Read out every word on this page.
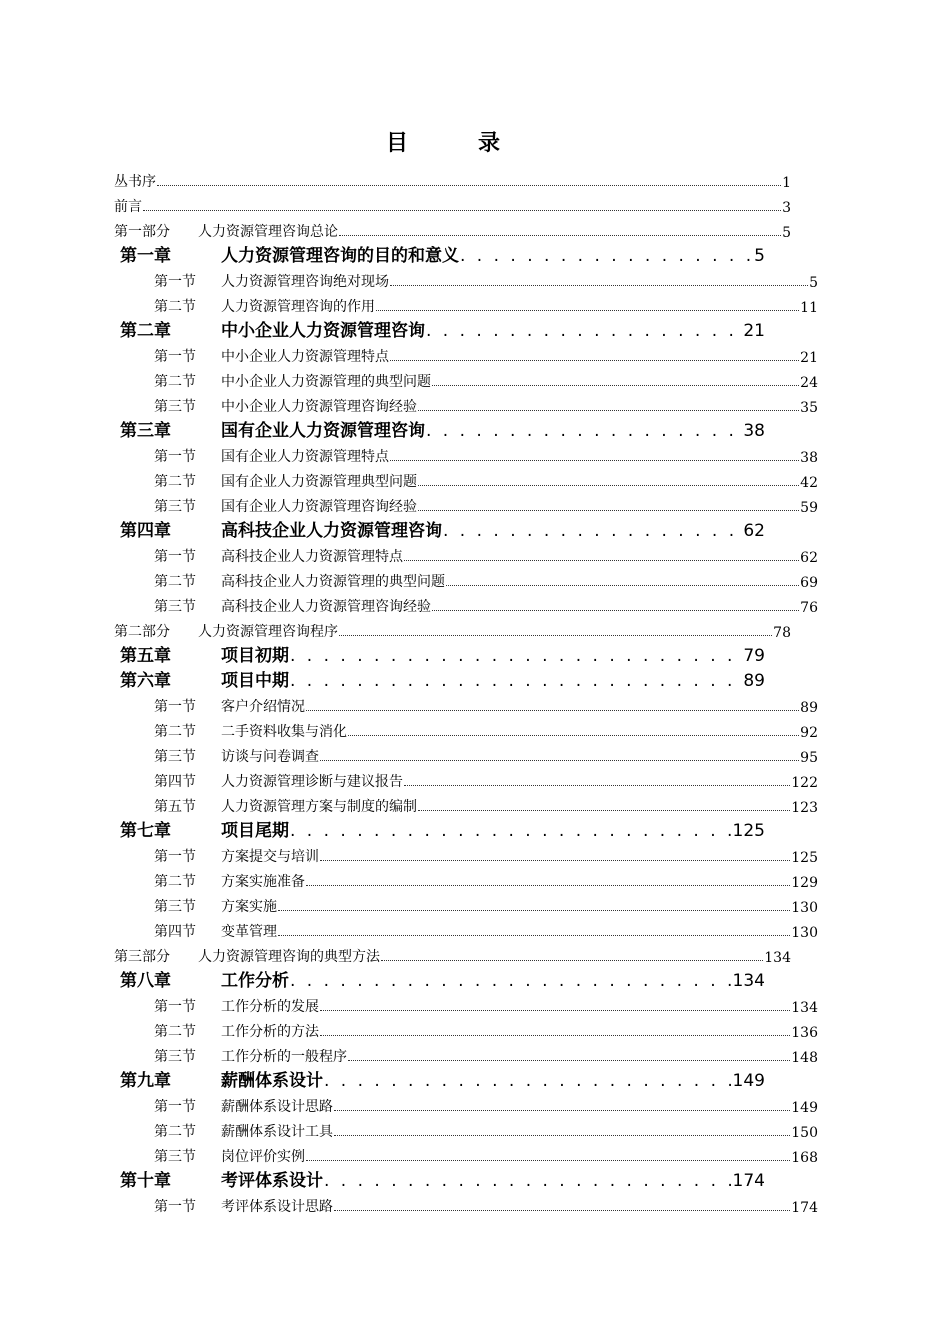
目　录
丛书序	1
前言	3
第一部分	人力资源管理咨询总论	5
第一章	人力资源管理咨询的目的和意义 . . .	5
第一节	人力资源管理咨询绝对现场	5
第二节	人力资源管理咨询的作用	11
第二章	中小企业人力资源管理咨询 . . .	21
第一节	中小企业人力资源管理特点	21
第二节	中小企业人力资源管理的典型问题	24
第三节	中小企业人力资源管理咨询经验	35
第三章	国有企业人力资源管理咨询 . . .	38
第一节	国有企业人力资源管理特点	38
第二节	国有企业人力资源管理典型问题	42
第三节	国有企业人力资源管理咨询经验	59
第四章	高科技企业人力资源管理咨询 . . .	62
第一节	高科技企业人力资源管理特点	62
第二节	高科技企业人力资源管理的典型问题	69
第三节	高科技企业人力资源管理咨询经验	76
第二部分	人力资源管理咨询程序	78
第五章	项目初期 . . .	79
第六章	项目中期 . . .	89
第一节	客户介绍情况	89
第二节	二手资料收集与消化	92
第三节	访谈与问卷调查	95
第四节	人力资源管理诊断与建议报告	122
第五节	人力资源管理方案与制度的编制	123
第七章	项目尾期 . . .	125
第一节	方案提交与培训	125
第二节	方案实施准备	129
第三节	方案实施	130
第四节	变革管理	130
第三部分	人力资源管理咨询的典型方法	134
第八章	工作分析 . . .	134
第一节	工作分析的发展	134
第二节	工作分析的方法	136
第三节	工作分析的一般程序	148
第九章	薪酬体系设计 . . .	149
第一节	薪酬体系设计思路	149
第二节	薪酬体系设计工具	150
第三节	岗位评价实例	168
第十章	考评体系设计 . . .	174
第一节	考评体系设计思路	174
